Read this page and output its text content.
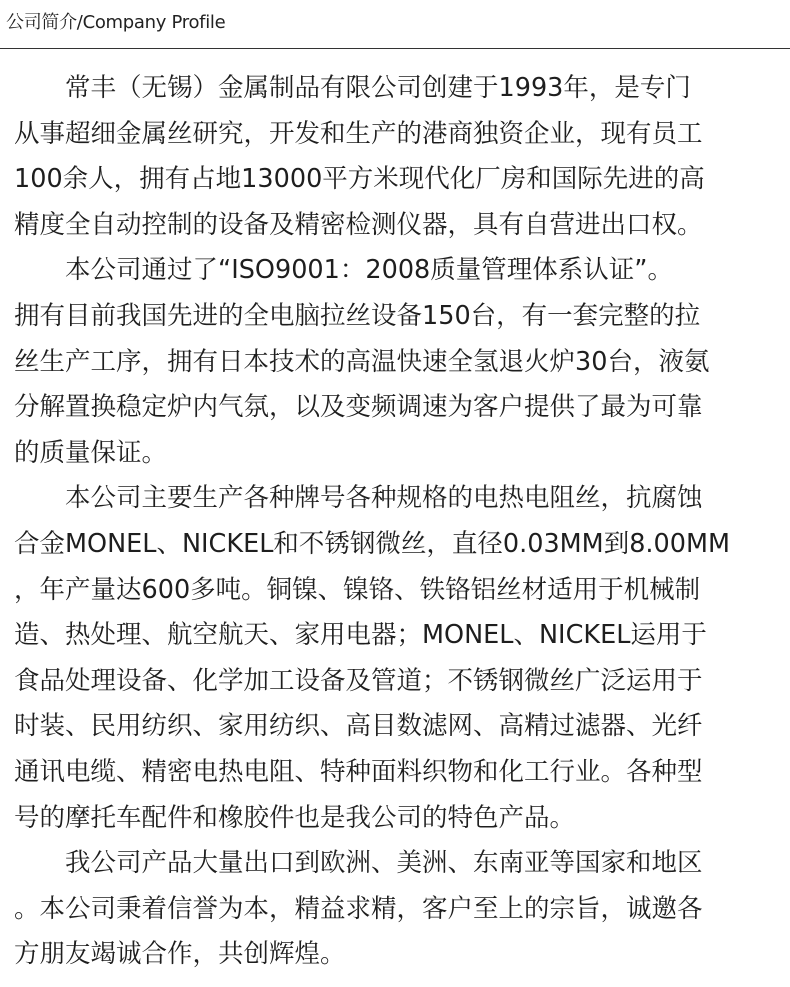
公司简介/Company Profile
　　常丰（无锡）金属制品有限公司创建于1993年，是专门
从事超细金属丝研究，开发和生产的港商独资企业，现有员工
100余人，拥有占地13000平方米现代化厂房和国际先进的高
精度全自动控制的设备及精密检测仪器，具有自营进出口权。
　　本公司通过了“ISO9001：2008质量管理体系认证”。
拥有目前我国先进的全电脑拉丝设备150台，有一套完整的拉
丝生产工序，拥有日本技术的高温快速全氢退火炉30台，液氨
分解置换稳定炉内气氛，以及变频调速为客户提供了最为可靠
的质量保证。
　　本公司主要生产各种牌号各种规格的电热电阻丝，抗腐蚀
合金MONEL、NICKEL和不锈钢微丝，直径0.03MM到8.00MM
，年产量达600多吨。铜镍、镍铬、铁铬铝丝材适用于机械制
造、热处理、航空航天、家用电器；MONEL、NICKEL运用于
食品处理设备、化学加工设备及管道；不锈钢微丝广泛运用于
时装、民用纺织、家用纺织、高目数滤网、高精过滤器、光纤
通讯电缆、精密电热电阻、特种面料织物和化工行业。各种型
号的摩托车配件和橡胶件也是我公司的特色产品。
　　我公司产品大量出口到欧洲、美洲、东南亚等国家和地区
。本公司秉着信誉为本，精益求精，客户至上的宗旨，诚邀各
方朋友竭诚合作，共创辉煌。
